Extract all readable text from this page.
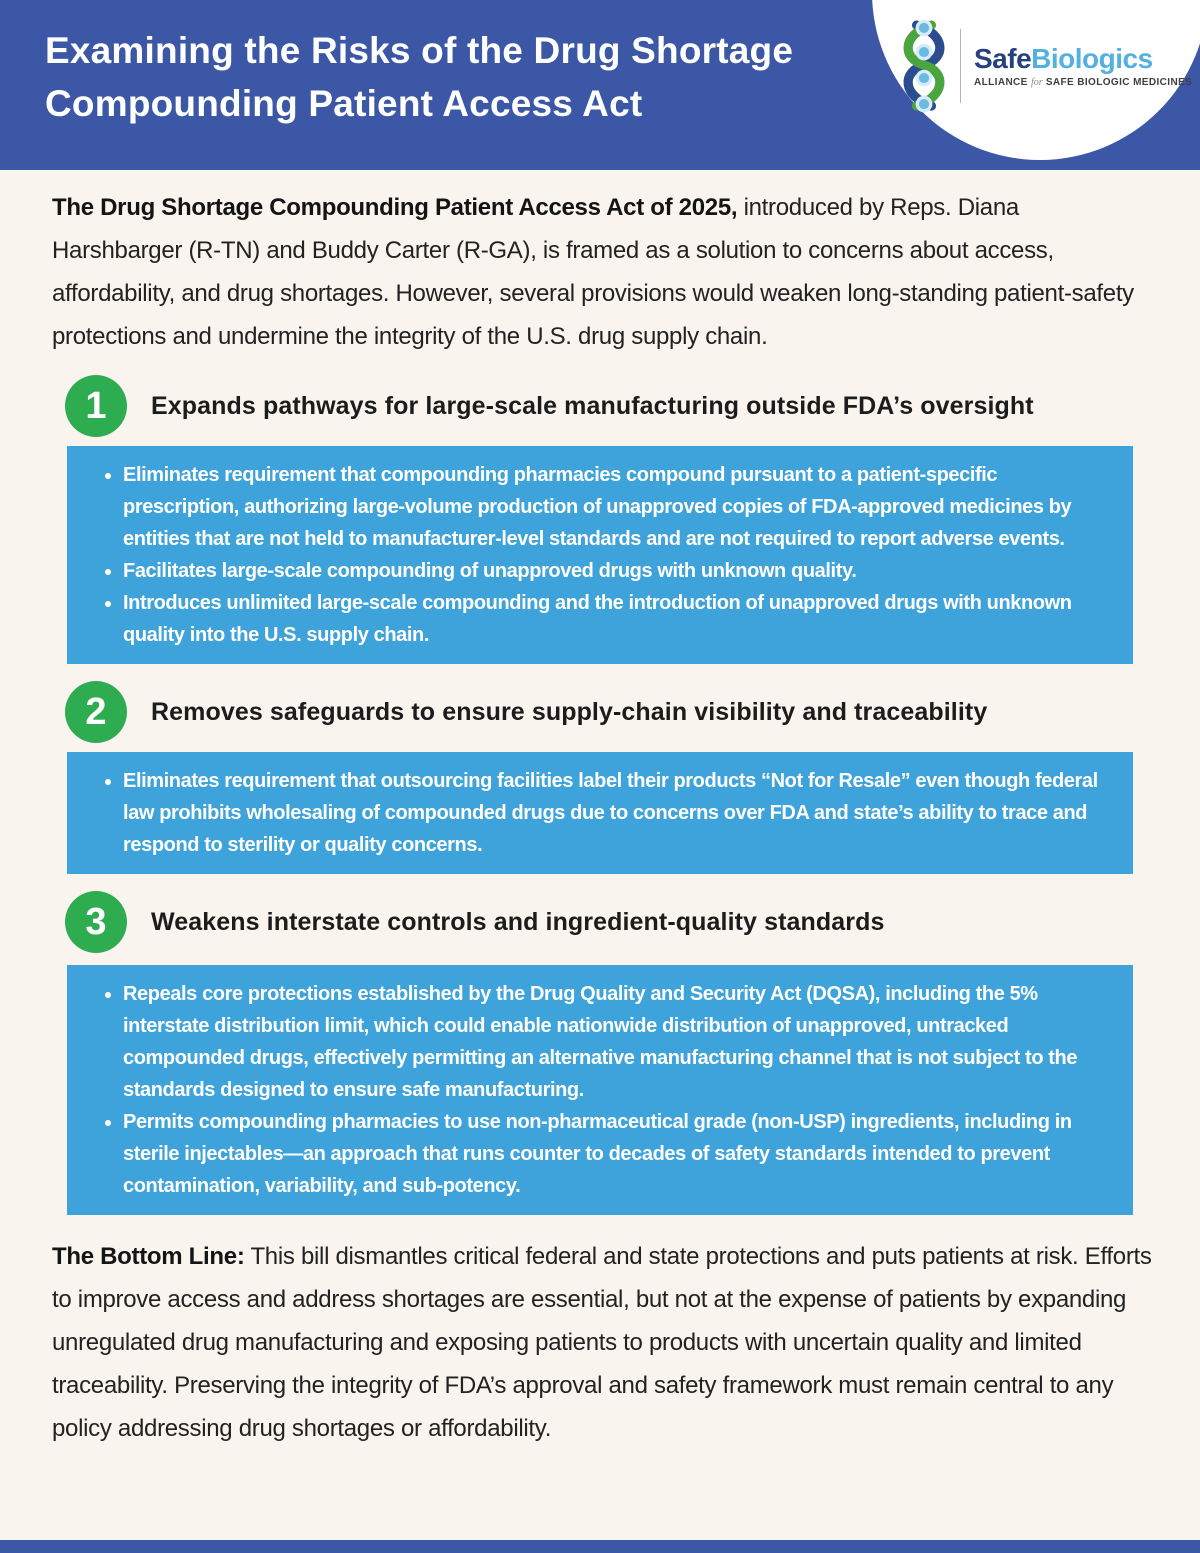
Examining the Risks of the Drug Shortage
Compounding Patient Access Act
SafeBiologics
ALLIANCE for SAFE BIOLOGIC MEDICINES

The Drug Shortage Compounding Patient Access Act of 2025, introduced by Reps. Diana Harshbarger (R-TN) and Buddy Carter (R-GA), is framed as a solution to concerns about access, affordability, and drug shortages. However, several provisions would weaken long-standing patient-safety protections and undermine the integrity of the U.S. drug supply chain.

1	Expands pathways for large-scale manufacturing outside FDA’s oversight
• Eliminates requirement that compounding pharmacies compound pursuant to a patient-specific prescription, authorizing large-volume production of unapproved copies of FDA-approved medicines by entities that are not held to manufacturer-level standards and are not required to report adverse events.
• Facilitates large-scale compounding of unapproved drugs with unknown quality.
• Introduces unlimited large-scale compounding and the introduction of unapproved drugs with unknown quality into the U.S. supply chain.
2	Removes safeguards to ensure supply-chain visibility and traceability
• Eliminates requirement that outsourcing facilities label their products “Not for Resale” even though federal law prohibits wholesaling of compounded drugs due to concerns over FDA and state’s ability to trace and respond to sterility or quality concerns.
3	Weakens interstate controls and ingredient-quality standards
• Repeals core protections established by the Drug Quality and Security Act (DQSA), including the 5% interstate distribution limit, which could enable nationwide distribution of unapproved, untracked compounded drugs, effectively permitting an alternative manufacturing channel that is not subject to the standards designed to ensure safe manufacturing.
• Permits compounding pharmacies to use non-pharmaceutical grade (non-USP) ingredients, including in sterile injectables—an approach that runs counter to decades of safety standards intended to prevent contamination, variability, and sub-potency.

The Bottom Line: This bill dismantles critical federal and state protections and puts patients at risk. Efforts to improve access and address shortages are essential, but not at the expense of patients by expanding unregulated drug manufacturing and exposing patients to products with uncertain quality and limited traceability. Preserving the integrity of FDA’s approval and safety framework must remain central to any policy addressing drug shortages or affordability.
